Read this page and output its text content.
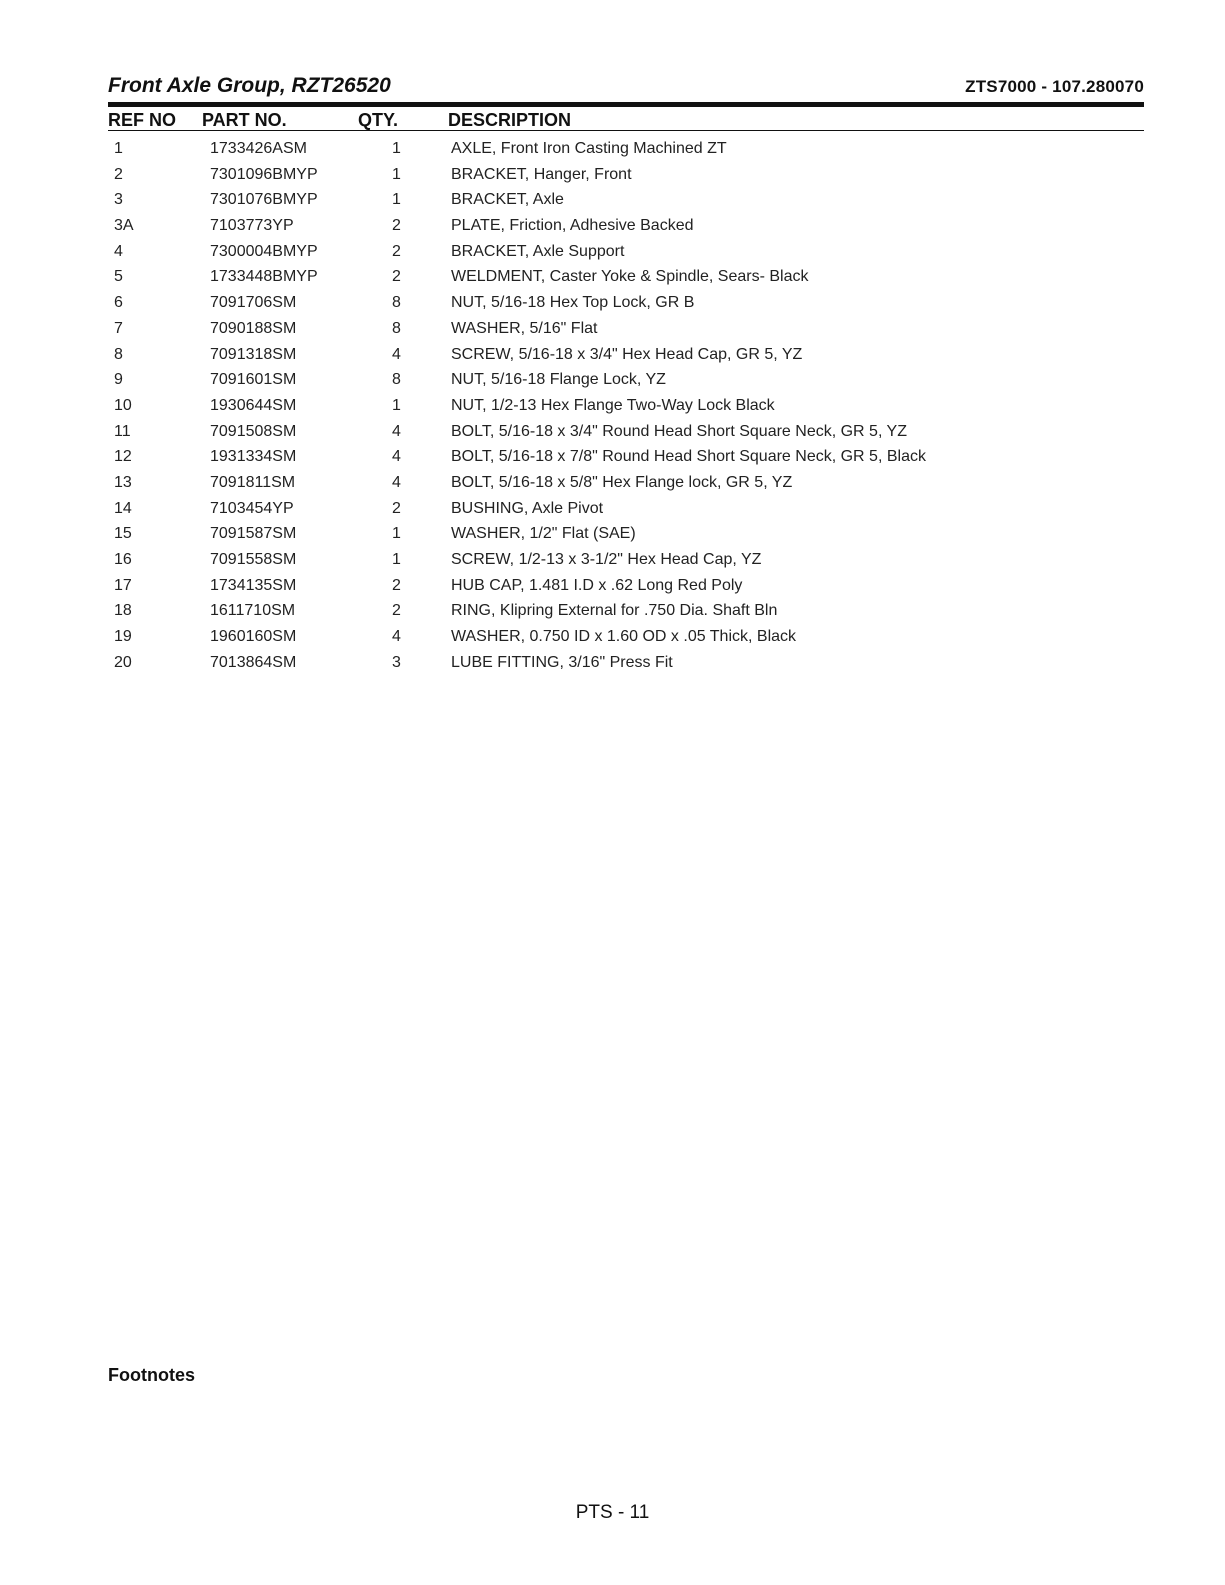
Front Axle Group, RZT26520	ZTS7000 - 107.280070
REF NO PART NO.	QTY.	DESCRIPTION
1	1733426ASM	1	AXLE, Front Iron Casting Machined ZT
2	7301096BMYP	1	BRACKET, Hanger, Front
3	7301076BMYP	1	BRACKET, Axle
3A	7103773YP	2	PLATE, Friction, Adhesive Backed
4	7300004BMYP	2	BRACKET, Axle Support
5	1733448BMYP	2	WELDMENT, Caster Yoke & Spindle, Sears- Black
6	7091706SM	8	NUT, 5/16-18 Hex Top Lock, GR B
7	7090188SM	8	WASHER, 5/16" Flat
8	7091318SM	4	SCREW, 5/16-18 x 3/4" Hex Head Cap, GR 5, YZ
9	7091601SM	8	NUT, 5/16-18 Flange Lock, YZ
10	1930644SM	1	NUT, 1/2-13 Hex Flange Two-Way Lock Black
11	7091508SM	4	BOLT, 5/16-18 x 3/4" Round Head Short Square Neck, GR 5, YZ
12	1931334SM	4	BOLT, 5/16-18 x 7/8" Round Head Short Square Neck, GR 5, Black
13	7091811SM	4	BOLT, 5/16-18 x 5/8" Hex Flange lock, GR 5, YZ
14	7103454YP	2	BUSHING, Axle Pivot
15	7091587SM	1	WASHER, 1/2" Flat (SAE)
16	7091558SM	1	SCREW, 1/2-13 x 3-1/2" Hex Head Cap, YZ
17	1734135SM	2	HUB CAP, 1.481 I.D x .62 Long Red Poly
18	1611710SM	2	RING, Klipring External for .750 Dia. Shaft Bln
19	1960160SM	4	WASHER, 0.750 ID x 1.60 OD x .05 Thick, Black
20	7013864SM	3	LUBE FITTING, 3/16" Press Fit
Footnotes
PTS - 11
